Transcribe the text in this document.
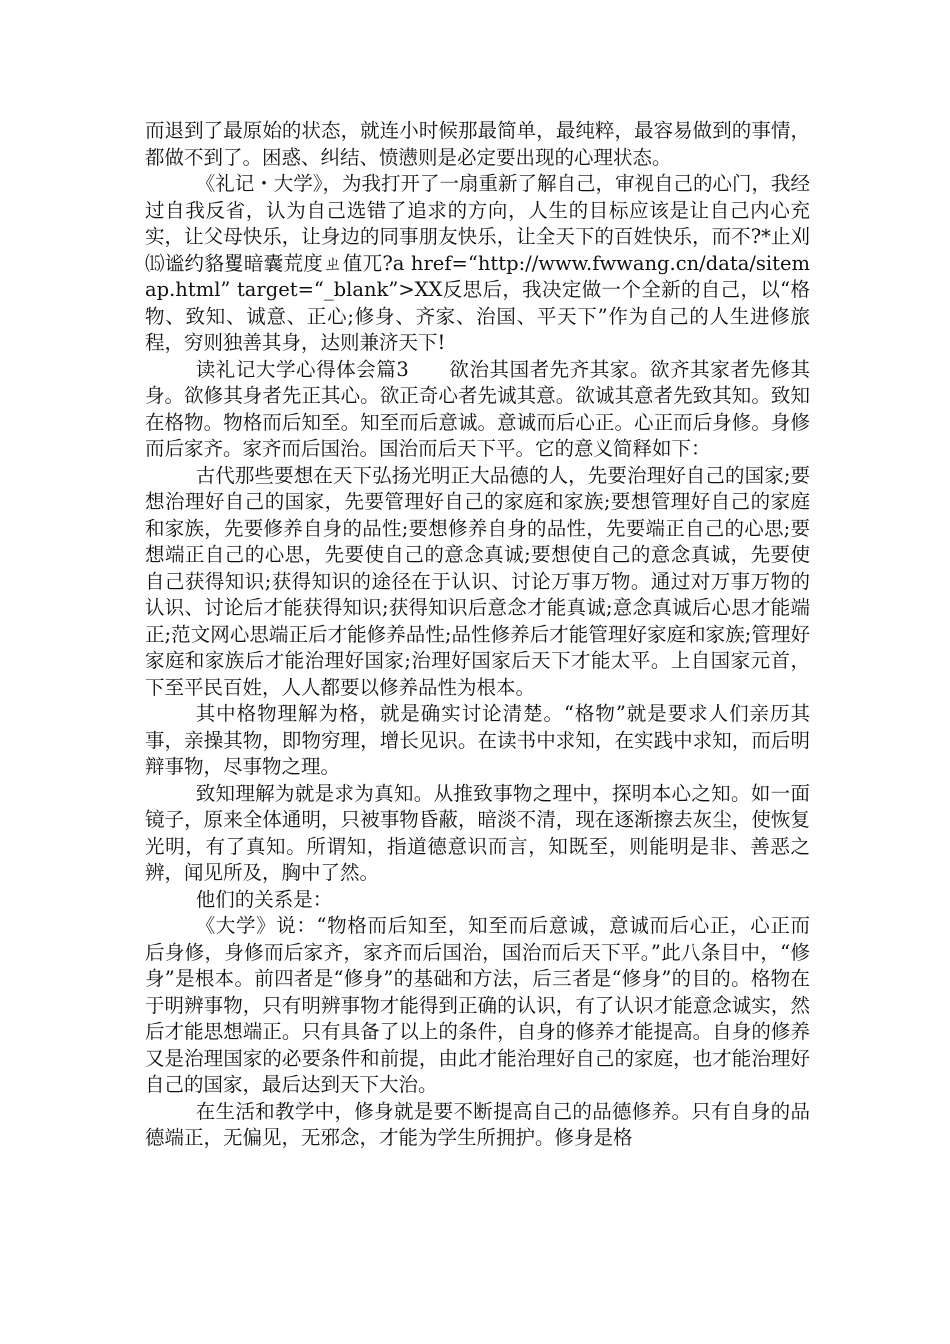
而退到了最原始的状态，就连小时候那最简单，最纯粹，最容易做到的事情，都做不到了。困惑、纠结、愤懑则是必定要出现的心理状态。

《礼记・大学》，为我打开了一扇重新了解自己，审视自己的心门，我经过自我反省，认为自己选错了追求的方向，人生的目标应该是让自己内心充实，让父母快乐，让身边的同事朋友快乐，让全天下的百姓快乐，而不?*止刈⒂谧约貉矍暗囊荒度ㄓ值兀?a href=“http://www.fwwang.cn/data/sitemap.html” target=“_blank”>XX反思后，我决定做一个全新的自己，以“格物、致知、诚意、正心;修身、齐家、治国、平天下”作为自己的人生进修旅程，穷则独善其身，达则兼济天下!

读礼记大学心得体会篇3　　欲治其国者先齐其家。欲齐其家者先修其身。欲修其身者先正其心。欲正奇心者先诚其意。欲诚其意者先致其知。致知在格物。物格而后知至。知至而后意诚。意诚而后心正。心正而后身修。身修而后家齐。家齐而后国治。国治而后天下平。它的意义简释如下：

古代那些要想在天下弘扬光明正大品德的人，先要治理好自己的国家;要想治理好自己的国家，先要管理好自己的家庭和家族;要想管理好自己的家庭和家族，先要修养自身的品性;要想修养自身的品性，先要端正自己的心思;要想端正自己的心思，先要使自己的意念真诚;要想使自己的意念真诚，先要使自己获得知识;获得知识的途径在于认识、讨论万事万物。通过对万事万物的认识、讨论后才能获得知识;获得知识后意念才能真诚;意念真诚后心思才能端正;范文网心思端正后才能修养品性;品性修养后才能管理好家庭和家族;管理好家庭和家族后才能治理好国家;治理好国家后天下才能太平。上自国家元首，下至平民百姓，人人都要以修养品性为根本。

其中格物理解为格，就是确实讨论清楚。“格物”就是要求人们亲历其事，亲操其物，即物穷理，增长见识。在读书中求知，在实践中求知，而后明辩事物，尽事物之理。

致知理解为就是求为真知。从推致事物之理中，探明本心之知。如一面镜子，原来全体通明，只被事物昏蔽，暗淡不清，现在逐渐擦去灰尘，使恢复光明，有了真知。所谓知，指道德意识而言，知既至，则能明是非、善恶之辨，闻见所及，胸中了然。

他们的关系是：

《大学》说：“物格而后知至，知至而后意诚，意诚而后心正，心正而后身修，身修而后家齐，家齐而后国治，国治而后天下平。”此八条目中，“修身”是根本。前四者是“修身”的基础和方法，后三者是“修身”的目的。格物在于明辨事物，只有明辨事物才能得到正确的认识，有了认识才能意念诚实，然后才能思想端正。只有具备了以上的条件，自身的修养才能提高。自身的修养又是治理国家的必要条件和前提，由此才能治理好自己的家庭，也才能治理好自己的国家，最后达到天下大治。

在生活和教学中，修身就是要不断提高自己的品德修养。只有自身的品德端正，无偏见，无邪念，才能为学生所拥护。修身是格
